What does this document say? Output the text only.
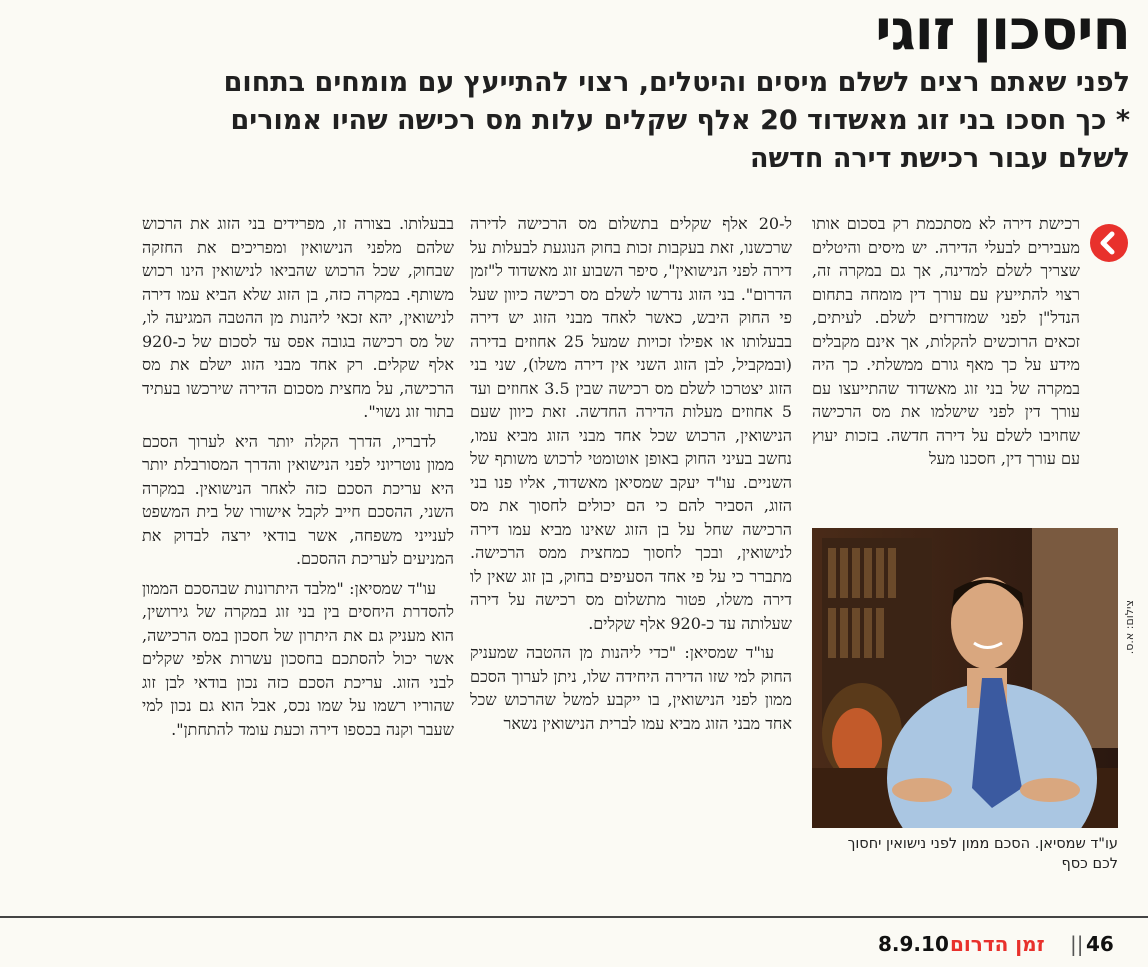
חיסכון זוגי
לפני שאתם רצים לשלם מיסים והיטלים, רצוי להתייעץ עם מומחים בתחום
* כך חסכו בני זוג מאשדוד 20 אלף שקלים עלות מס רכישה שהיו אמורים
לשלם עבור רכישת דירה חדשה

רכישת דירה לא מסתכמת רק בסכום אותו מעבירים לבעלי הדירה. יש מיסים והיטלים שצריך לשלם למדינה, אך גם במקרה זה, רצוי להתייעץ עם עורך דין מומחה בתחום הנדל"ן לפני שמזדרזים לשלם. לעיתים, זכאים הרוכשים להקלות, אך אינם מקבלים מידע על כך מאף גורם ממשלתי. כך היה במקרה של בני זוג מאשדוד שהתייעצו עם עורך דין לפני שישלמו את מס הרכישה שחויבו לשלם על דירה חדשה. בזכות יעוץ עם עורך דין, חסכנו מעל

צילום: א.ס.
עו"ד שמסיאן. הסכם ממון לפני נישואין יחסוך לכם כסף

ל-20 אלף שקלים בתשלום מס הרכישה לדירה שרכשנו, זאת בעקבות זכות בחוק הנוגעת לבעלות על דירה לפני הנישואין", סיפר השבוע זוג מאשדוד ל"זמן הדרום". בני הזוג נדרשו לשלם מס רכישה כיוון שעל פי החוק היבש, כאשר לאחד מבני הזוג יש דירה בבעלותו או אפילו זכויות שמעל 25 אחוזים בדירה (ובמקביל, לבן הזוג השני אין דירה משלו), שני בני הזוג יצטרכו לשלם מס רכישה שבין 3.5 אחוזים ועד 5 אחוזים מעלות הדירה החדשה. זאת כיוון שעם הנישואין, הרכוש שכל אחד מבני הזוג מביא עמו, נחשב בעיני החוק באופן אוטומטי לרכוש משותף של השניים. עו"ד יעקב שמסיאן מאשדוד, אליו פנו בני הזוג, הסביר להם כי הם יכולים לחסוך את מס הרכישה שחל על בן הזוג שאינו מביא עמו דירה לנישואין, ובכך לחסוך כמחצית ממס הרכישה. מתברר כי על פי אחד הסעיפים בחוק, בן זוג שאין לו דירה משלו, פטור מתשלום מס רכישה על דירה שעלותה עד כ-920 אלף שקלים.

עו"ד שמסיאן: "כדי ליהנות מן ההטבה שמעניק החוק למי שזו הדירה היחידה שלו, ניתן לערוך הסכם ממון לפני הנישואין, בו ייקבע למשל שהרכוש שכל אחד מבני הזוג מביא עמו לברית הנישואין נשאר

בבעלותו. בצורה זו, מפרידים בני הזוג את הרכוש שלהם מלפני הנישואין ומפריכים את החזקה שבחוק, שכל הרכוש שהביאו לנישואין הינו רכוש משותף. במקרה כזה, בן הזוג שלא הביא עמו דירה לנישואין, יהא זכאי ליהנות מן ההטבה המגיעה לו, של מס רכישה בגובה אפס עד לסכום של כ-920 אלף שקלים. רק אחד מבני הזוג ישלם את מס הרכישה, על מחצית מסכום הדירה שירכשו בעתיד בתור זוג נשוי".

לדבריו, הדרך הקלה יותר היא לערוך הסכם ממון נוטריוני לפני הנישואין והדרך המסורבלת יותר היא עריכת הסכם כזה לאחר הנישואין. במקרה השני, ההסכם חייב לקבל אישורו של בית המשפט לענייני משפחה, אשר בודאי ירצה לבדוק את המניעים לעריכת ההסכם.

עו"ד שמסיאן: "מלבד היתרונות שבהסכם הממון להסדרת היחסים בין בני זוג במקרה של גירושין, הוא מעניק גם את היתרון של חסכון במס הרכישה, אשר יכול להסתכם בחסכון עשרות אלפי שקלים לבני הזוג. עריכת הסכם כזה נכון בודאי לבן זוג שהוריו רשמו על שמו נכס, אבל הוא גם נכון למי שעבר וקנה בכספו דירה וכעת עומד להתחתן".

46
||
זמן הדרום
8.9.10
